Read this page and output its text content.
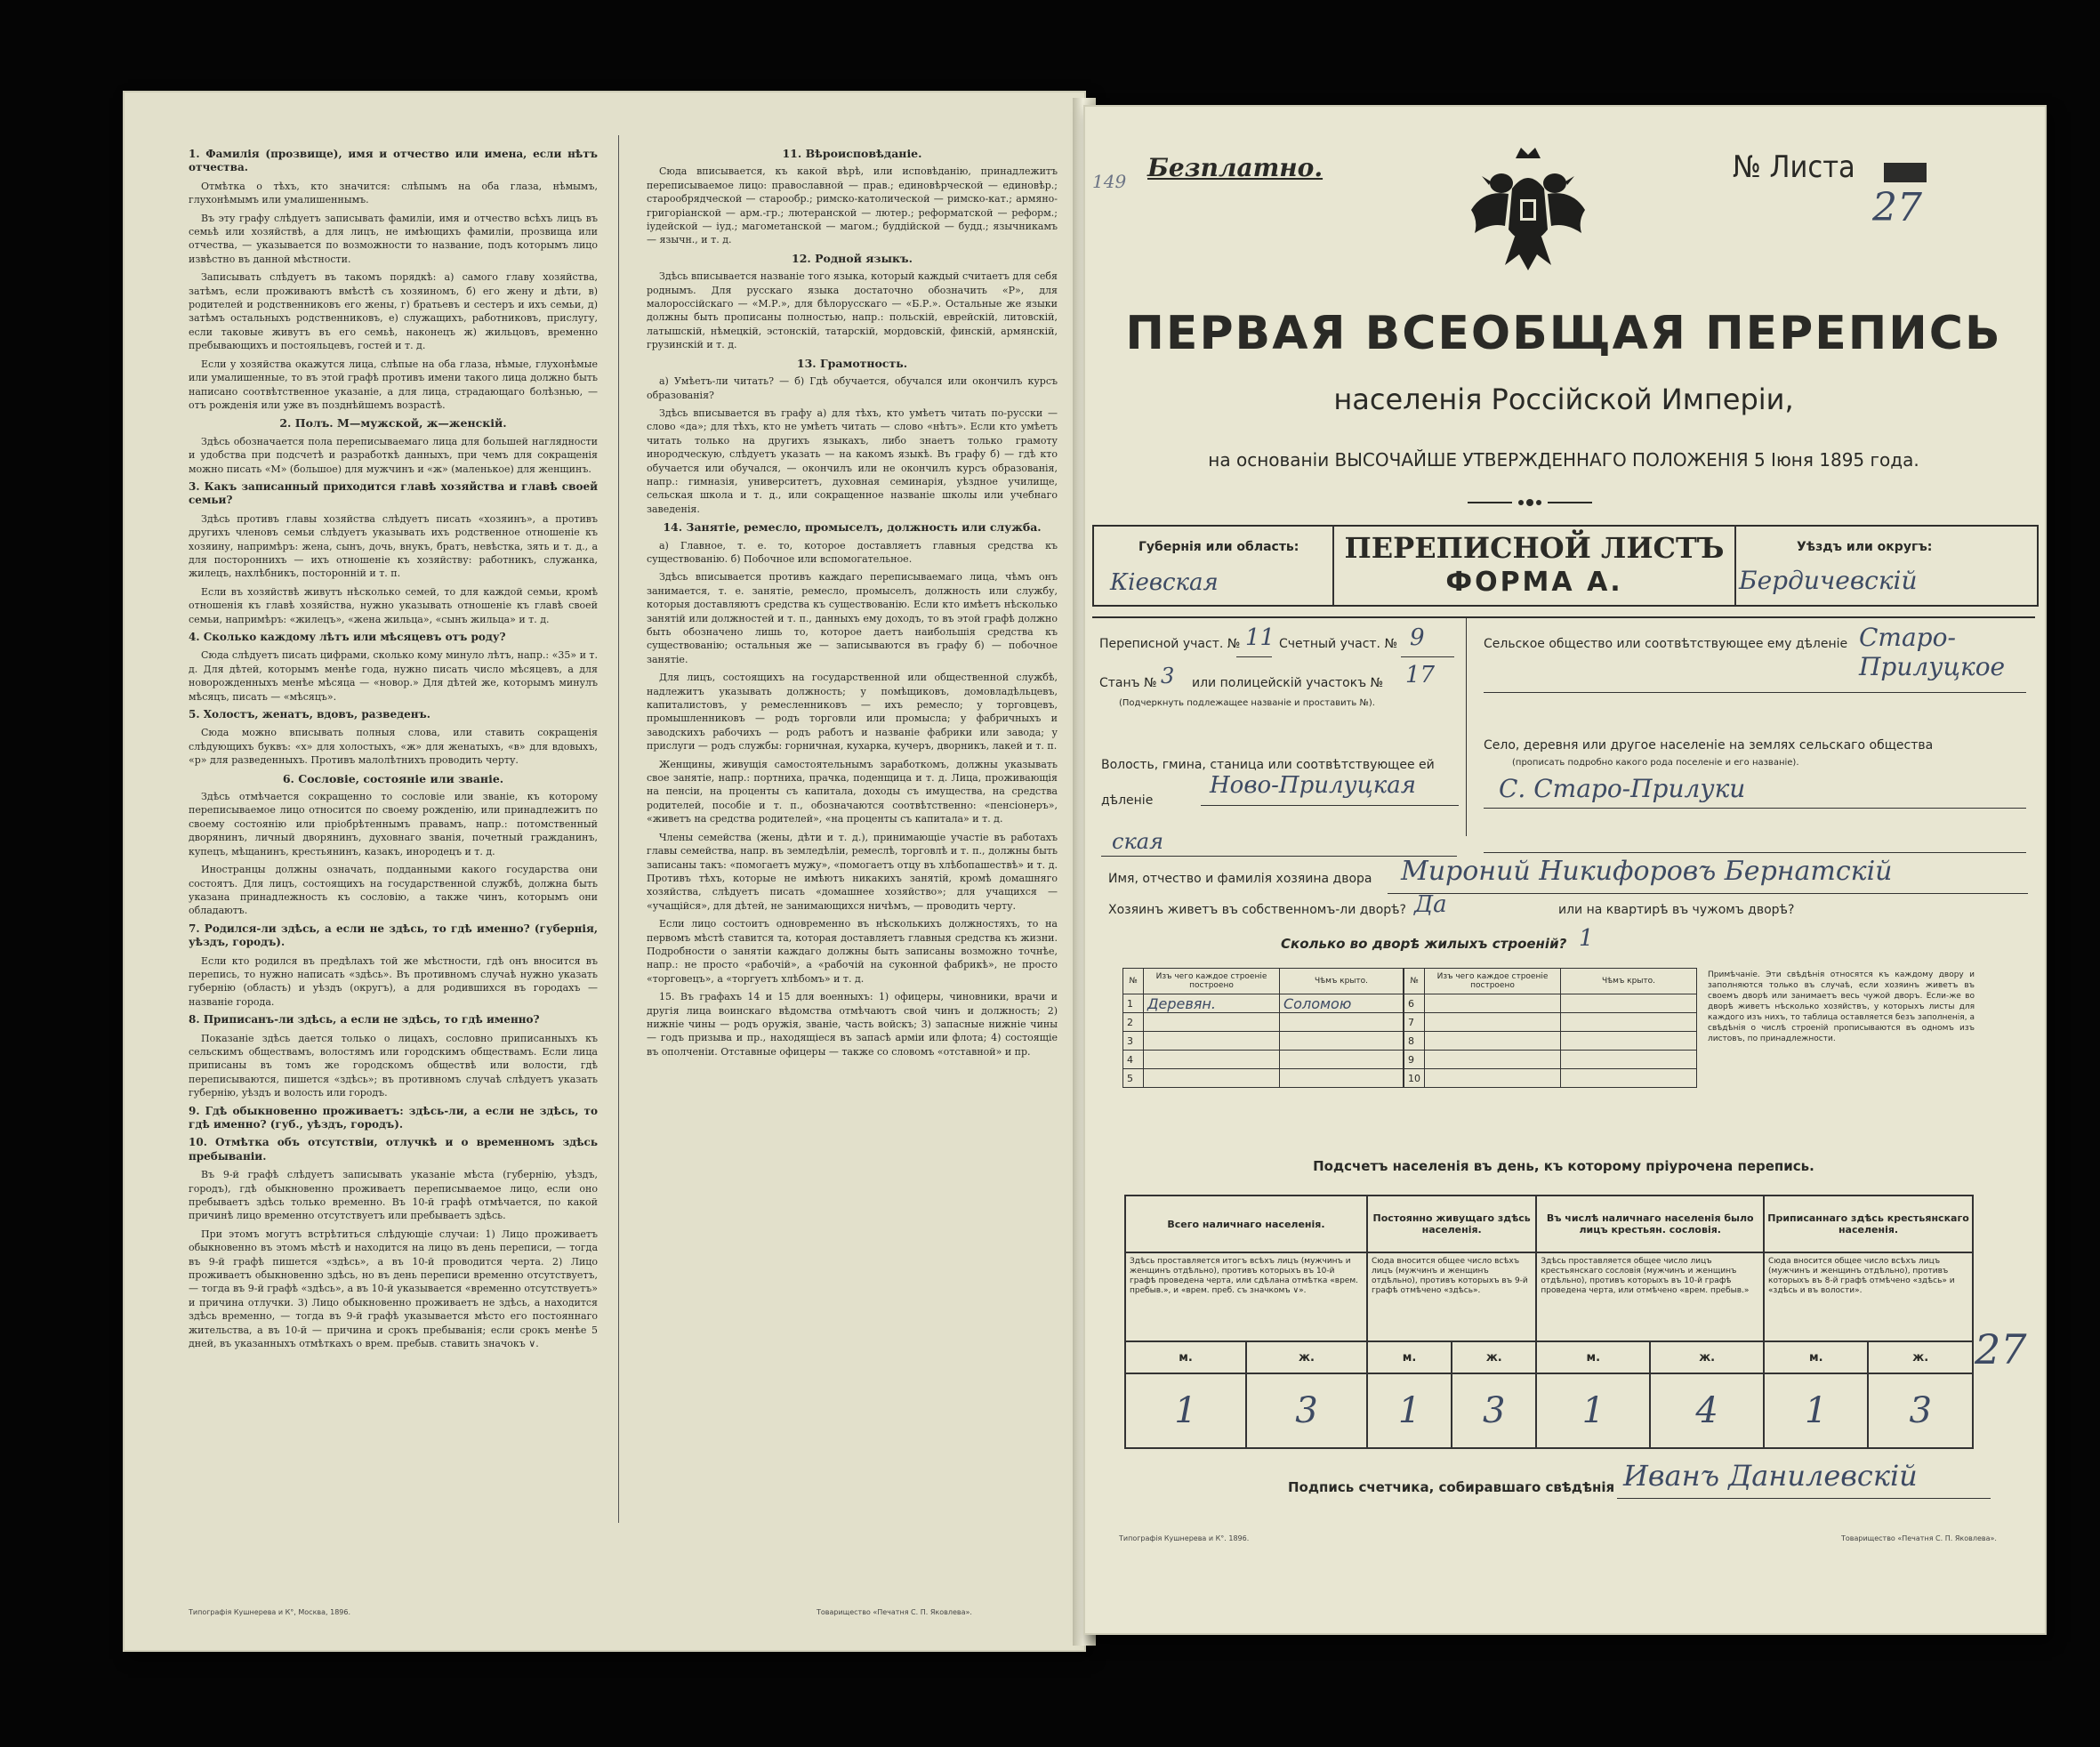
1. Фамилія (прозвище), имя и отчество или имена, если нѣтъ отчества.

Отмѣтка о тѣхъ, кто значится: слѣпымъ на оба глаза, нѣмымъ, глухонѣмымъ или умалишеннымъ.

Въ эту графу слѣдуетъ записывать фамиліи, имя и отчество всѣхъ лицъ въ семьѣ или хозяйствѣ, а для лицъ, не имѣющихъ фамиліи, прозвища или отчества, — указывается по возможности то название, подъ которымъ лицо извѣстно въ данной мѣстности.

Записывать слѣдуетъ въ такомъ порядкѣ: а) самого главу хозяйства, затѣмъ, если проживаютъ вмѣстѣ съ хозяиномъ, б) его жену и дѣти, в) родителей и родственниковъ его жены, г) братьевъ и сестеръ и ихъ семьи, д) затѣмъ остальныхъ родственниковъ, е) служащихъ, работниковъ, прислугу, если таковые живутъ въ его семьѣ, наконецъ ж) жильцовъ, временно пребывающихъ и постояльцевъ, гостей и т. д.

Если у хозяйства окажутся лица, слѣпые на оба глаза, нѣмые, глухонѣмые или умалишенные, то въ этой графѣ противъ имени такого лица должно быть написано соотвѣтственное указаніе, а для лица, страдающаго болѣзнью, — отъ рожденія или уже въ позднѣйшемъ возрастѣ.

2. Полъ. М—мужской, ж—женскій.

Здѣсь обозначается пола переписываемаго лица для большей наглядности и удобства при подсчетѣ и разработкѣ данныхъ, при чемъ для сокращенія можно писать «М» (большое) для мужчинъ и «ж» (маленькое) для женщинъ.

3. Какъ записанный приходится главѣ хозяйства и главѣ своей семьи?

Здѣсь противъ главы хозяйства слѣдуетъ писать «хозяинъ», а противъ другихъ членовъ семьи слѣдуетъ указывать ихъ родственное отношеніе къ хозяину, напримѣръ: жена, сынъ, дочь, внукъ, братъ, невѣстка, зять и т. д., а для постороннихъ — ихъ отношеніе къ хозяйству: работникъ, служанка, жилецъ, нахлѣбникъ, посторонній и т. п.

Если въ хозяйствѣ живутъ нѣсколько семей, то для каждой семьи, кромѣ отношенія къ главѣ хозяйства, нужно указывать отношеніе къ главѣ своей семьи, напримѣръ: «жилецъ», «жена жильца», «сынъ жильца» и т. д.

4. Сколько каждому лѣтъ или мѣсяцевъ отъ роду?

Сюда слѣдуетъ писать цифрами, сколько кому минуло лѣтъ, напр.: «35» и т. д. Для дѣтей, которымъ менѣе года, нужно писать число мѣсяцевъ, а для новорожденныхъ менѣе мѣсяца — «новор.» Для дѣтей же, которымъ минулъ мѣсяцъ, писать — «мѣсяцъ».

5. Холостъ, женатъ, вдовъ, разведенъ.

Сюда можно вписывать полныя слова, или ставить сокращенія слѣдующихъ буквъ: «х» для холостыхъ, «ж» для женатыхъ, «в» для вдовыхъ, «р» для разведенныхъ. Противъ малолѣтнихъ проводить черту.

6. Сословіе, состояніе или званіе.

Здѣсь отмѣчается сокращенно то сословіе или званіе, къ которому переписываемое лицо относится по своему рожденію, или принадлежитъ по своему состоянію или пріобрѣтеннымъ правамъ, напр.: потомственный дворянинъ, личный дворянинъ, духовнаго званія, почетный гражданинъ, купецъ, мѣщанинъ, крестьянинъ, казакъ, инородецъ и т. д.

Иностранцы должны означать, подданными какого государства они состоятъ. Для лицъ, состоящихъ на государственной службѣ, должна быть указана принадлежность къ сословію, а также чинъ, которымъ они обладаютъ.

7. Родился-ли здѣсь, а если не здѣсь, то гдѣ именно? (губернія, уѣздъ, городъ).

Если кто родился въ предѣлахъ той же мѣстности, гдѣ онъ вносится въ перепись, то нужно написать «здѣсь». Въ противномъ случаѣ нужно указать губернію (область) и уѣздъ (округъ), а для родившихся въ городахъ — названіе города.

8. Приписанъ-ли здѣсь, а если не здѣсь, то гдѣ именно?

Показаніе здѣсь дается только о лицахъ, сословно приписанныхъ къ сельскимъ обществамъ, волостямъ или городскимъ обществамъ. Если лица приписаны въ томъ же городскомъ обществѣ или волости, гдѣ переписываются, пишется «здѣсь»; въ противномъ случаѣ слѣдуетъ указать губернію, уѣздъ и волость или городъ.

9. Гдѣ обыкновенно проживаетъ: здѣсь-ли, а если не здѣсь, то гдѣ именно? (губ., уѣздъ, городъ).

10. Отмѣтка объ отсутствіи, отлучкѣ и о временномъ здѣсь пребываніи.

Въ 9-й графѣ слѣдуетъ записывать указаніе мѣста (губернію, уѣздъ, городъ), гдѣ обыкновенно проживаетъ переписываемое лицо, если оно пребываетъ здѣсь только временно. Въ 10-й графѣ отмѣчается, по какой причинѣ лицо временно отсутствуетъ или пребываетъ здѣсь.

При этомъ могутъ встрѣтиться слѣдующіе случаи: 1) Лицо проживаетъ обыкновенно въ этомъ мѣстѣ и находится на лицо въ день переписи, — тогда въ 9-й графѣ пишется «здѣсь», а въ 10-й проводится черта. 2) Лицо проживаетъ обыкновенно здѣсь, но въ день переписи временно отсутствуетъ, — тогда въ 9-й графѣ «здѣсь», а въ 10-й указывается «временно отсутствуетъ» и причина отлучки. 3) Лицо обыкновенно проживаетъ не здѣсь, а находится здѣсь временно, — тогда въ 9-й графѣ указывается мѣсто его постояннаго жительства, а въ 10-й — причина и срокъ пребыванія; если срокъ менѣе 5 дней, въ указанныхъ отмѣткахъ о врем. пребыв. ставить значокъ ∨.

11. Вѣроисповѣданіе.

Сюда вписывается, къ какой вѣрѣ, или исповѣданію, принадлежитъ переписываемое лицо: православной — прав.; единовѣрческой — единовѣр.; старообрядческой — старообр.; римско-католической — римско-кат.; армяно-григоріанской — арм.-гр.; лютеранской — лютер.; реформатской — реформ.; іудейской — іуд.; магометанской — магом.; буддійской — будд.; язычникамъ — язычн., и т. д.

12. Родной языкъ.

Здѣсь вписывается названіе того языка, который каждый считаетъ для себя роднымъ. Для русскаго языка достаточно обозначить «Р», для малороссійскаго — «М.Р.», для бѣлорусскаго — «Б.Р.». Остальные же языки должны быть прописаны полностью, напр.: польскій, еврейскій, литовскій, латышскій, нѣмецкій, эстонскій, татарскій, мордовскій, финскій, армянскій, грузинскій и т. д.

13. Грамотность.

а) Умѣетъ-ли читать? — б) Гдѣ обучается, обучался или окончилъ курсъ образованія?

Здѣсь вписывается въ графу а) для тѣхъ, кто умѣетъ читать по-русски — слово «да»; для тѣхъ, кто не умѣетъ читать — слово «нѣтъ». Если кто умѣетъ читать только на другихъ языкахъ, либо знаетъ только грамоту инородческую, слѣдуетъ указать — на какомъ языкѣ. Въ графу б) — гдѣ кто обучается или обучался, — окончилъ или не окончилъ курсъ образованія, напр.: гимназія, университетъ, духовная семинарія, уѣздное училище, сельская школа и т. д., или сокращенное названіе школы или учебнаго заведенія.

14. Занятіе, ремесло, промыселъ, должность или служба.

а) Главное, т. е. то, которое доставляетъ главныя средства къ существованію. б) Побочное или вспомогательное.

Здѣсь вписывается противъ каждаго переписываемаго лица, чѣмъ онъ занимается, т. е. занятіе, ремесло, промыселъ, должность или службу, которыя доставляютъ средства къ существованію. Если кто имѣетъ нѣсколько занятій или должностей и т. п., данныхъ ему доходъ, то въ этой графѣ должно быть обозначено лишь то, которое даетъ наибольшія средства къ существованію; остальныя же — записываются въ графу б) — побочное занятіе.

Для лицъ, состоящихъ на государственной или общественной службѣ, надлежитъ указывать должность; у помѣщиковъ, домовладѣльцевъ, капиталистовъ, у ремесленниковъ — ихъ ремесло; у торговцевъ, промышленниковъ — родъ торговли или промысла; у фабричныхъ и заводскихъ рабочихъ — родъ работъ и названіе фабрики или завода; у прислуги — родъ службы: горничная, кухарка, кучеръ, дворникъ, лакей и т. п.

Женщины, живущія самостоятельнымъ заработкомъ, должны указывать свое занятіе, напр.: портниха, прачка, поденщица и т. д. Лица, проживающія на пенсіи, на проценты съ капитала, доходы съ имущества, на средства родителей, пособіе и т. п., обозначаются соотвѣтственно: «пенсіонеръ», «живетъ на средства родителей», «на проценты съ капитала» и т. д.

Члены семейства (жены, дѣти и т. д.), принимающіе участіе въ работахъ главы семейства, напр. въ земледѣліи, ремеслѣ, торговлѣ и т. п., должны быть записаны такъ: «помогаетъ мужу», «помогаетъ отцу въ хлѣбопашествѣ» и т. д. Противъ тѣхъ, которые не имѣютъ никакихъ занятій, кромѣ домашняго хозяйства, слѣдуетъ писать «домашнее хозяйство»; для учащихся — «учащійся», для дѣтей, не занимающихся ничѣмъ, — проводить черту.

Если лицо состоитъ одновременно въ нѣсколькихъ должностяхъ, то на первомъ мѣстѣ ставится та, которая доставляетъ главныя средства къ жизни. Подробности о занятіи каждаго должны быть записаны возможно точнѣе, напр.: не просто «рабочій», а «рабочій на суконной фабрикѣ», не просто «торговецъ», а «торгуетъ хлѣбомъ» и т. д.

15. Въ графахъ 14 и 15 для военныхъ: 1) офицеры, чиновники, врачи и другія лица воинскаго вѣдомства отмѣчаютъ свой чинъ и должность; 2) нижніе чины — родъ оружія, званіе, часть войскъ; 3) запасные нижніе чины — годъ призыва и пр., находящіеся въ запасѣ арміи или флота; 4) состоящіе въ ополченіи. Отставные офицеры — также со словомъ «отставной» и пр.

Типографія Кушнерева и К°, Москва, 1896.	Товарищество «Печатня С. П. Яковлева».
Безплатно.
149	№ Листа
27
ПЕРВАЯ ВСЕОБЩАЯ ПЕРЕПИСЬ
населенія Россійской Имперіи,
на основаніи ВЫСОЧАЙШЕ УТВЕРЖДЕННАГО ПОЛОЖЕНІЯ 5 Іюня 1895 года.
Губернія или область:
Кіевская
ПЕРЕПИСНОЙ ЛИСТЪ
ФОРМА А.
Уѣздъ или округъ:
Бердичевскій
Переписной участ. № 11 Счетный участ. № 9
Станъ № 3 или полицейскій участокъ № 17
(Подчеркнуть подлежащее названіе и проставить №).
Волость, гмина, станица или соотвѣтствующее ей дѣленіе
Ново-Прилуцкая
ская
Сельское общество или соотвѣтствующее ему дѣленіе Старо-Прилуцкое
Село, деревня или другое населеніе на землях сельскаго общества
(прописать подробно какого рода поселеніе и его названіе).
С. Старо-Прилуки
Имя, отчество и фамилія хозяина двора Мироний Никифоровъ Бернатскій
Хозяинъ живетъ въ собственномъ-ли дворѣ? Да	или на квартирѣ въ чужомъ дворѣ?
Сколько во дворѣ жилыхъ строеній? 1
№	Изъ чего каждое строеніе построено	Чѣмъ крыто.
1	Деревян.	Соломою
2		
3		
4		
5		
№	Изъ чего каждое строеніе построено	Чѣмъ крыто.
6		
7		
8		
9		
10		
Примѣчаніе. Эти свѣдѣнія относятся къ каждому двору и заполняются только въ случаѣ, если хозяинъ живетъ въ своемъ дворѣ или занимаетъ весь чужой дворъ. Если-же во дворѣ живетъ нѣсколько хозяйствъ, у которыхъ листы для каждого изъ нихъ, то таблица оставляется безъ заполненія, а свѣдѣнія о числѣ строеній прописываются въ одномъ изъ листовъ, по принадлежности.
Подсчетъ населенія въ день, къ которому пріурочена перепись.
Всего наличнаго населенія.		Постоянно живущаго здѣсь населенія.		Въ числѣ наличнаго населенія было лицъ крестьян. сословія.		Приписаннаго здѣсь крестьянскаго населенія.	
Здѣсь проставляется итогъ всѣхъ лицъ (мужчинъ и женщинъ отдѣльно), противъ которыхъ въ 10-й графѣ проведена черта, или сдѣлана отмѣтка «врем. пребыв.», и «врем. преб. съ значкомъ ∨».		Сюда вносится общее число всѣхъ лицъ (мужчинъ и женщинъ отдѣльно), противъ которыхъ въ 9-й графѣ отмѣчено «здѣсь».		Здѣсь проставляется общее число лицъ крестьянскаго сословія (мужчинъ и женщинъ отдѣльно), противъ которыхъ въ 10-й графѣ проведена черта, или отмѣчено «врем. пребыв.»		Сюда вносится общее число всѣхъ лицъ (мужчинъ и женщинъ отдѣльно), противъ которыхъ въ 8-й графѣ отмѣчено «здѣсь» и «здѣсь и въ волости».	
м.	ж.	м.	ж.	м.	ж.	м.	ж.
1	3	1	3	1	4	1	3
27
Подпись счетчика, собиравшаго свѣдѣнія Иванъ Данилевскій
Типографія Кушнерева и К°. 1896.	Товарищество «Печатня С. П. Яковлева».
